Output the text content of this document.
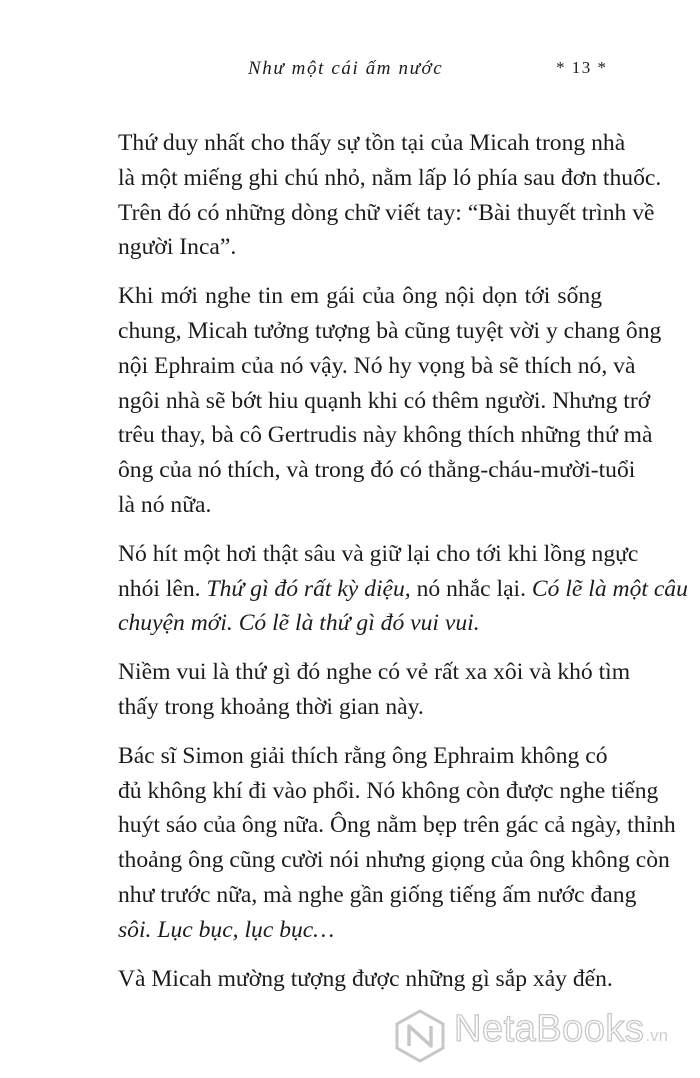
Như một cái ấm nước	* 13 *

Thứ duy nhất cho thấy sự tồn tại của Micah trong nhà
là một miếng ghi chú nhỏ, nằm lấp ló phía sau đơn thuốc.
Trên đó có những dòng chữ viết tay: “Bài thuyết trình về
người Inca”.

Khi mới nghe tin em gái của ông nội dọn tới sống
chung, Micah tưởng tượng bà cũng tuyệt vời y chang ông
nội Ephraim của nó vậy. Nó hy vọng bà sẽ thích nó, và
ngôi nhà sẽ bớt hiu quạnh khi có thêm người. Nhưng trớ
trêu thay, bà cô Gertrudis này không thích những thứ mà
ông của nó thích, và trong đó có thằng-cháu-mười-tuổi
là nó nữa.

Nó hít một hơi thật sâu và giữ lại cho tới khi lồng ngực
nhói lên. Thứ gì đó rất kỳ diệu, nó nhắc lại. Có lẽ là một câu
chuyện mới. Có lẽ là thứ gì đó vui vui.

Niềm vui là thứ gì đó nghe có vẻ rất xa xôi và khó tìm
thấy trong khoảng thời gian này.

Bác sĩ Simon giải thích rằng ông Ephraim không có
đủ không khí đi vào phổi. Nó không còn được nghe tiếng
huýt sáo của ông nữa. Ông nằm bẹp trên gác cả ngày, thỉnh
thoảng ông cũng cười nói nhưng giọng của ông không còn
như trước nữa, mà nghe gần giống tiếng ấm nước đang
sôi. Lục bục, lục bục…

Và Micah mường tượng được những gì sắp xảy đến.

NetaBooks.vn
